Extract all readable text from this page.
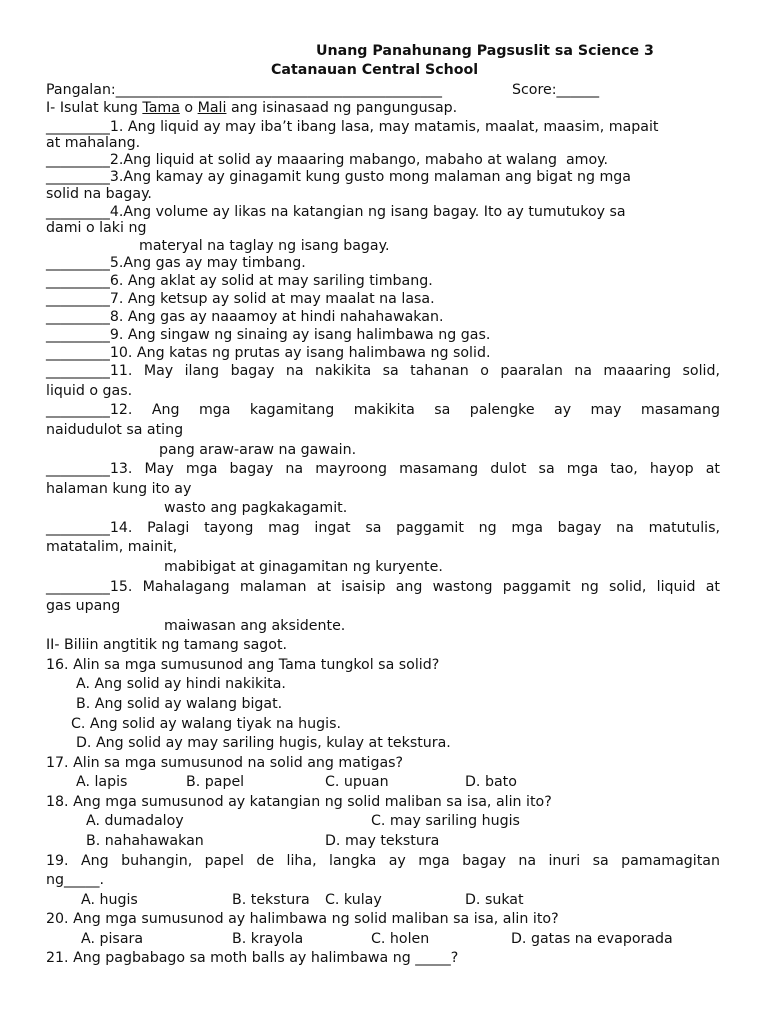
Unang Panahunang Pagsuslit sa Science 3
Catanauan Central School
Pangalan:______________________________________________	Score:______
I- Isulat kung Tama o Mali ang isinasaad ng pangungusap.
_________1. Ang liquid ay may iba’t ibang lasa, may matamis, maalat, maasim, mapait
at mahalang.
_________2.Ang liquid at solid ay maaaring mabango, mabaho at walang  amoy.
_________3.Ang kamay ay ginagamit kung gusto mong malaman ang bigat ng mga
solid na bagay.
_________4.Ang volume ay likas na katangian ng isang bagay. Ito ay tumutukoy sa
dami o laki ng
materyal na taglay ng isang bagay.
_________5.Ang gas ay may timbang.
_________6. Ang aklat ay solid at may sariling timbang.
_________7. Ang ketsup ay solid at may maalat na lasa.
_________8. Ang gas ay naaamoy at hindi nahahawakan.
_________9. Ang singaw ng sinaing ay isang halimbawa ng gas.
_________10. Ang katas ng prutas ay isang halimbawa ng solid.
_________11. May ilang bagay na nakikita sa tahanan o paaralan na maaaring solid,
liquid o gas.
_________12. Ang mga kagamitang makikita sa palengke ay may masamang
naidudulot sa ating
pang araw-araw na gawain.
_________13. May mga bagay na mayroong masamang dulot sa mga tao, hayop at
halaman kung ito ay
wasto ang pagkakagamit.
_________14. Palagi tayong mag ingat sa paggamit ng mga bagay na matutulis,
matatalim, mainit,
mabibigat at ginagamitan ng kuryente.
_________15. Mahalagang malaman at isaisip ang wastong paggamit ng solid, liquid at
gas upang
maiwasan ang aksidente.
II- Biliin angtitik ng tamang sagot.
16. Alin sa mga sumusunod ang Tama tungkol sa solid?
A. Ang solid ay hindi nakikita.
B. Ang solid ay walang bigat.
C. Ang solid ay walang tiyak na hugis.
D. Ang solid ay may sariling hugis, kulay at tekstura.
17. Alin sa mga sumusunod na solid ang matigas?
A. lapis	B. papel	C. upuan	D. bato
18. Ang mga sumusunod ay katangian ng solid maliban sa isa, alin ito?
A. dumadaloy	C. may sariling hugis
B. nahahawakan	D. may tekstura
19. Ang buhangin, papel de liha, langka ay mga bagay na inuri sa pamamagitan
ng_____.
A. hugis	B. tekstura C. kulay	D. sukat
20. Ang mga sumusunod ay halimbawa ng solid maliban sa isa, alin ito?
A. pisara	B. krayola	C. holen	D. gatas na evaporada
21. Ang pagbabago sa moth balls ay halimbawa ng _____?
